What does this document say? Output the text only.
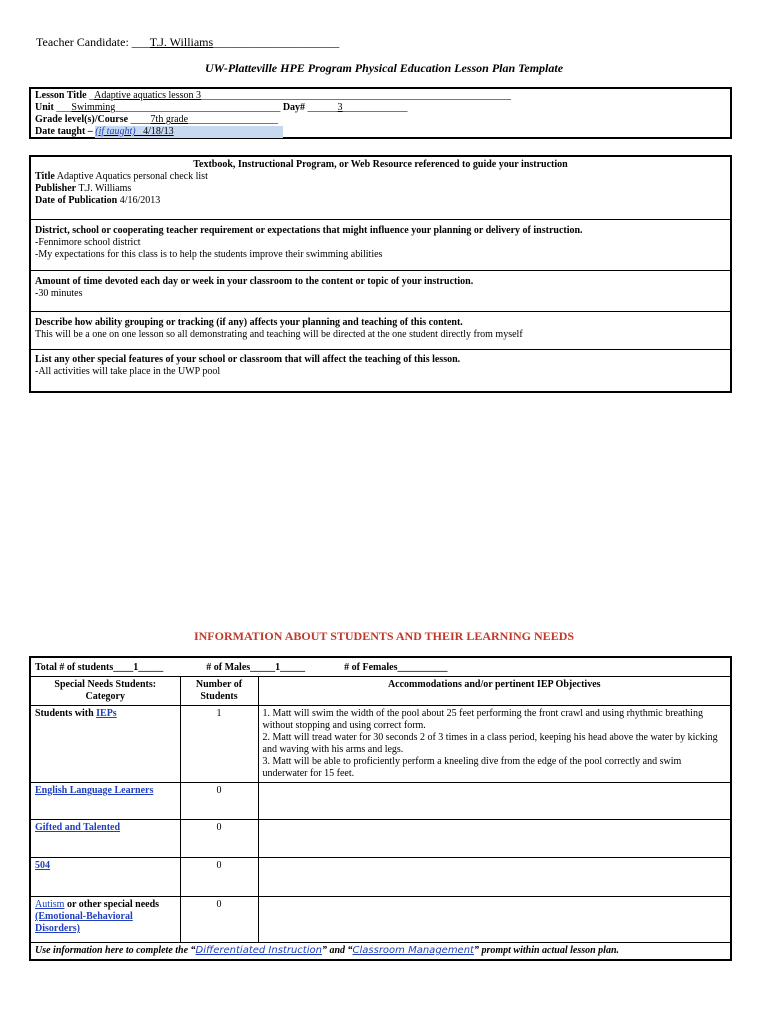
Teacher Candidate: ___T.J. Williams_____________________
UW-Platteville HPE Program Physical Education Lesson Plan Template
Lesson Title _Adaptive aquatics lesson 3______________________________________________________________
Unit ___Swimming_________________________________ Day# ______3_____________
Grade level(s)/Course ____7th grade__________________
Date taught – (if taught) 4/18/13
Textbook, Instructional Program, or Web Resource referenced to guide your instruction
Title Adaptive Aquatics personal check list
Publisher T.J. Williams
Date of Publication 4/16/2013
District, school or cooperating teacher requirement or expectations that might influence your planning or delivery of instruction.
-Fennimore school district
-My expectations for this class is to help the students improve their swimming abilities
Amount of time devoted each day or week in your classroom to the content or topic of your instruction.
-30 minutes
Describe how ability grouping or tracking (if any) affects your planning and teaching of this content.
This will be a one on one lesson so all demonstrating and teaching will be directed at the one student directly from myself
List any other special features of your school or classroom that will affect the teaching of this lesson.
-All activities will take place in the UWP pool
INFORMATION ABOUT STUDENTS AND THEIR LEARNING NEEDS
Total # of students____1_____ # of Males_____1_____ # of Females__________		
Special Needs Students: Category	Number of Students	Accommodations and/or pertinent IEP Objectives
Students with IEPs	1	1. Matt will swim the width of the pool about 25 feet performing the front crawl and using rhythmic breathing without stopping and using correct form.
2. Matt will tread water for 30 seconds 2 of 3 times in a class period, keeping his head above the water by kicking and waving with his arms and legs.
3. Matt will be able to proficiently perform a kneeling dive from the edge of the pool correctly and swim underwater for 15 feet.

English Language Learners	0	
Gifted and Talented	0	
504	0	
Autism or other special needs (Emotional-Behavioral Disorders)	0	
Use information here to complete the “Differentiated Instruction” and “Classroom Management” prompt within actual lesson plan.		
